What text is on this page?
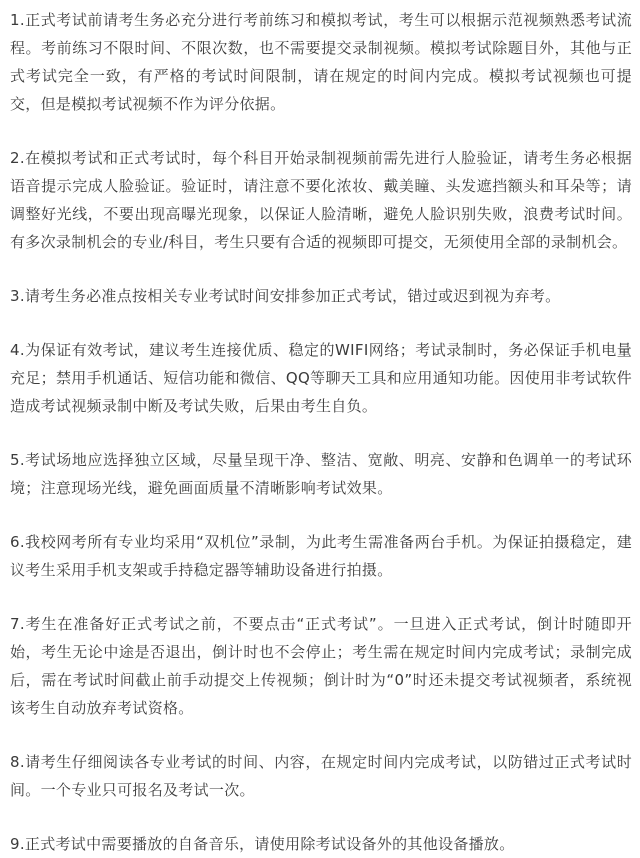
1.正式考试前请考生务必充分进行考前练习和模拟考试，考生可以根据示范视频熟悉考试流程。考前练习不限时间、不限次数，也不需要提交录制视频。模拟考试除题目外，其他与正式考试完全一致，有严格的考试时间限制，请在规定的时间内完成。模拟考试视频也可提交，但是模拟考试视频不作为评分依据。

2.在模拟考试和正式考试时，每个科目开始录制视频前需先进行人脸验证，请考生务必根据语音提示完成人脸验证。验证时，请注意不要化浓妆、戴美瞳、头发遮挡额头和耳朵等；请调整好光线，不要出现高曝光现象，以保证人脸清晰，避免人脸识别失败，浪费考试时间。有多次录制机会的专业/科目，考生只要有合适的视频即可提交，无须使用全部的录制机会。

3.请考生务必准点按相关专业考试时间安排参加正式考试，错过或迟到视为弃考。

4.为保证有效考试，建议考生连接优质、稳定的WIFI网络；考试录制时，务必保证手机电量充足；禁用手机通话、短信功能和微信、QQ等聊天工具和应用通知功能。因使用非考试软件造成考试视频录制中断及考试失败，后果由考生自负。

5.考试场地应选择独立区域，尽量呈现干净、整洁、宽敞、明亮、安静和色调单一的考试环境；注意现场光线，避免画面质量不清晰影响考试效果。

6.我校网考所有专业均采用“双机位”录制，为此考生需准备两台手机。为保证拍摄稳定，建议考生采用手机支架或手持稳定器等辅助设备进行拍摄。

7.考生在准备好正式考试之前，不要点击“正式考试”。一旦进入正式考试，倒计时随即开始，考生无论中途是否退出，倒计时也不会停止；考生需在规定时间内完成考试；录制完成后，需在考试时间截止前手动提交上传视频；倒计时为“0”时还未提交考试视频者，系统视该考生自动放弃考试资格。

8.请考生仔细阅读各专业考试的时间、内容，在规定时间内完成考试，以防错过正式考试时间。一个专业只可报名及考试一次。

9.正式考试中需要播放的自备音乐，请使用除考试设备外的其他设备播放。
